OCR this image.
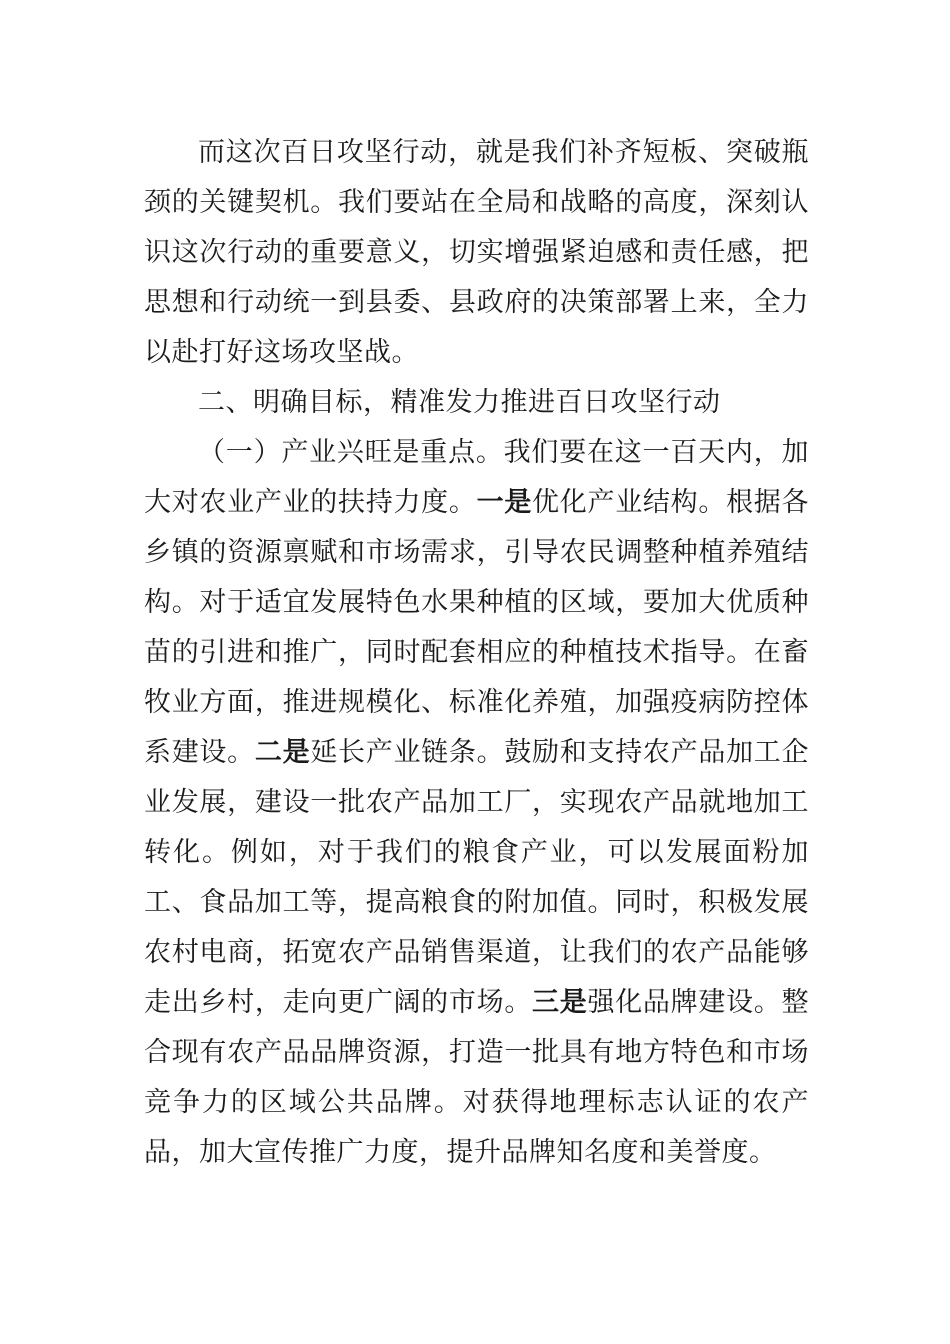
而这次百日攻坚行动，就是我们补齐短板、突破瓶颈的关键契机。我们要站在全局和战略的高度，深刻认识这次行动的重要意义，切实增强紧迫感和责任感，把思想和行动统一到县委、县政府的决策部署上来，全力以赴打好这场攻坚战。

二、明确目标，精准发力推进百日攻坚行动

（一）产业兴旺是重点。我们要在这一百天内，加大对农业产业的扶持力度。一是优化产业结构。根据各乡镇的资源禀赋和市场需求，引导农民调整种植养殖结构。对于适宜发展特色水果种植的区域，要加大优质种苗的引进和推广，同时配套相应的种植技术指导。在畜牧业方面，推进规模化、标准化养殖，加强疫病防控体系建设。二是延长产业链条。鼓励和支持农产品加工企业发展，建设一批农产品加工厂，实现农产品就地加工转化。例如，对于我们的粮食产业，可以发展面粉加工、食品加工等，提高粮食的附加值。同时，积极发展农村电商，拓宽农产品销售渠道，让我们的农产品能够走出乡村，走向更广阔的市场。三是强化品牌建设。整合现有农产品品牌资源，打造一批具有地方特色和市场竞争力的区域公共品牌。对获得地理标志认证的农产品，加大宣传推广力度，提升品牌知名度和美誉度。
